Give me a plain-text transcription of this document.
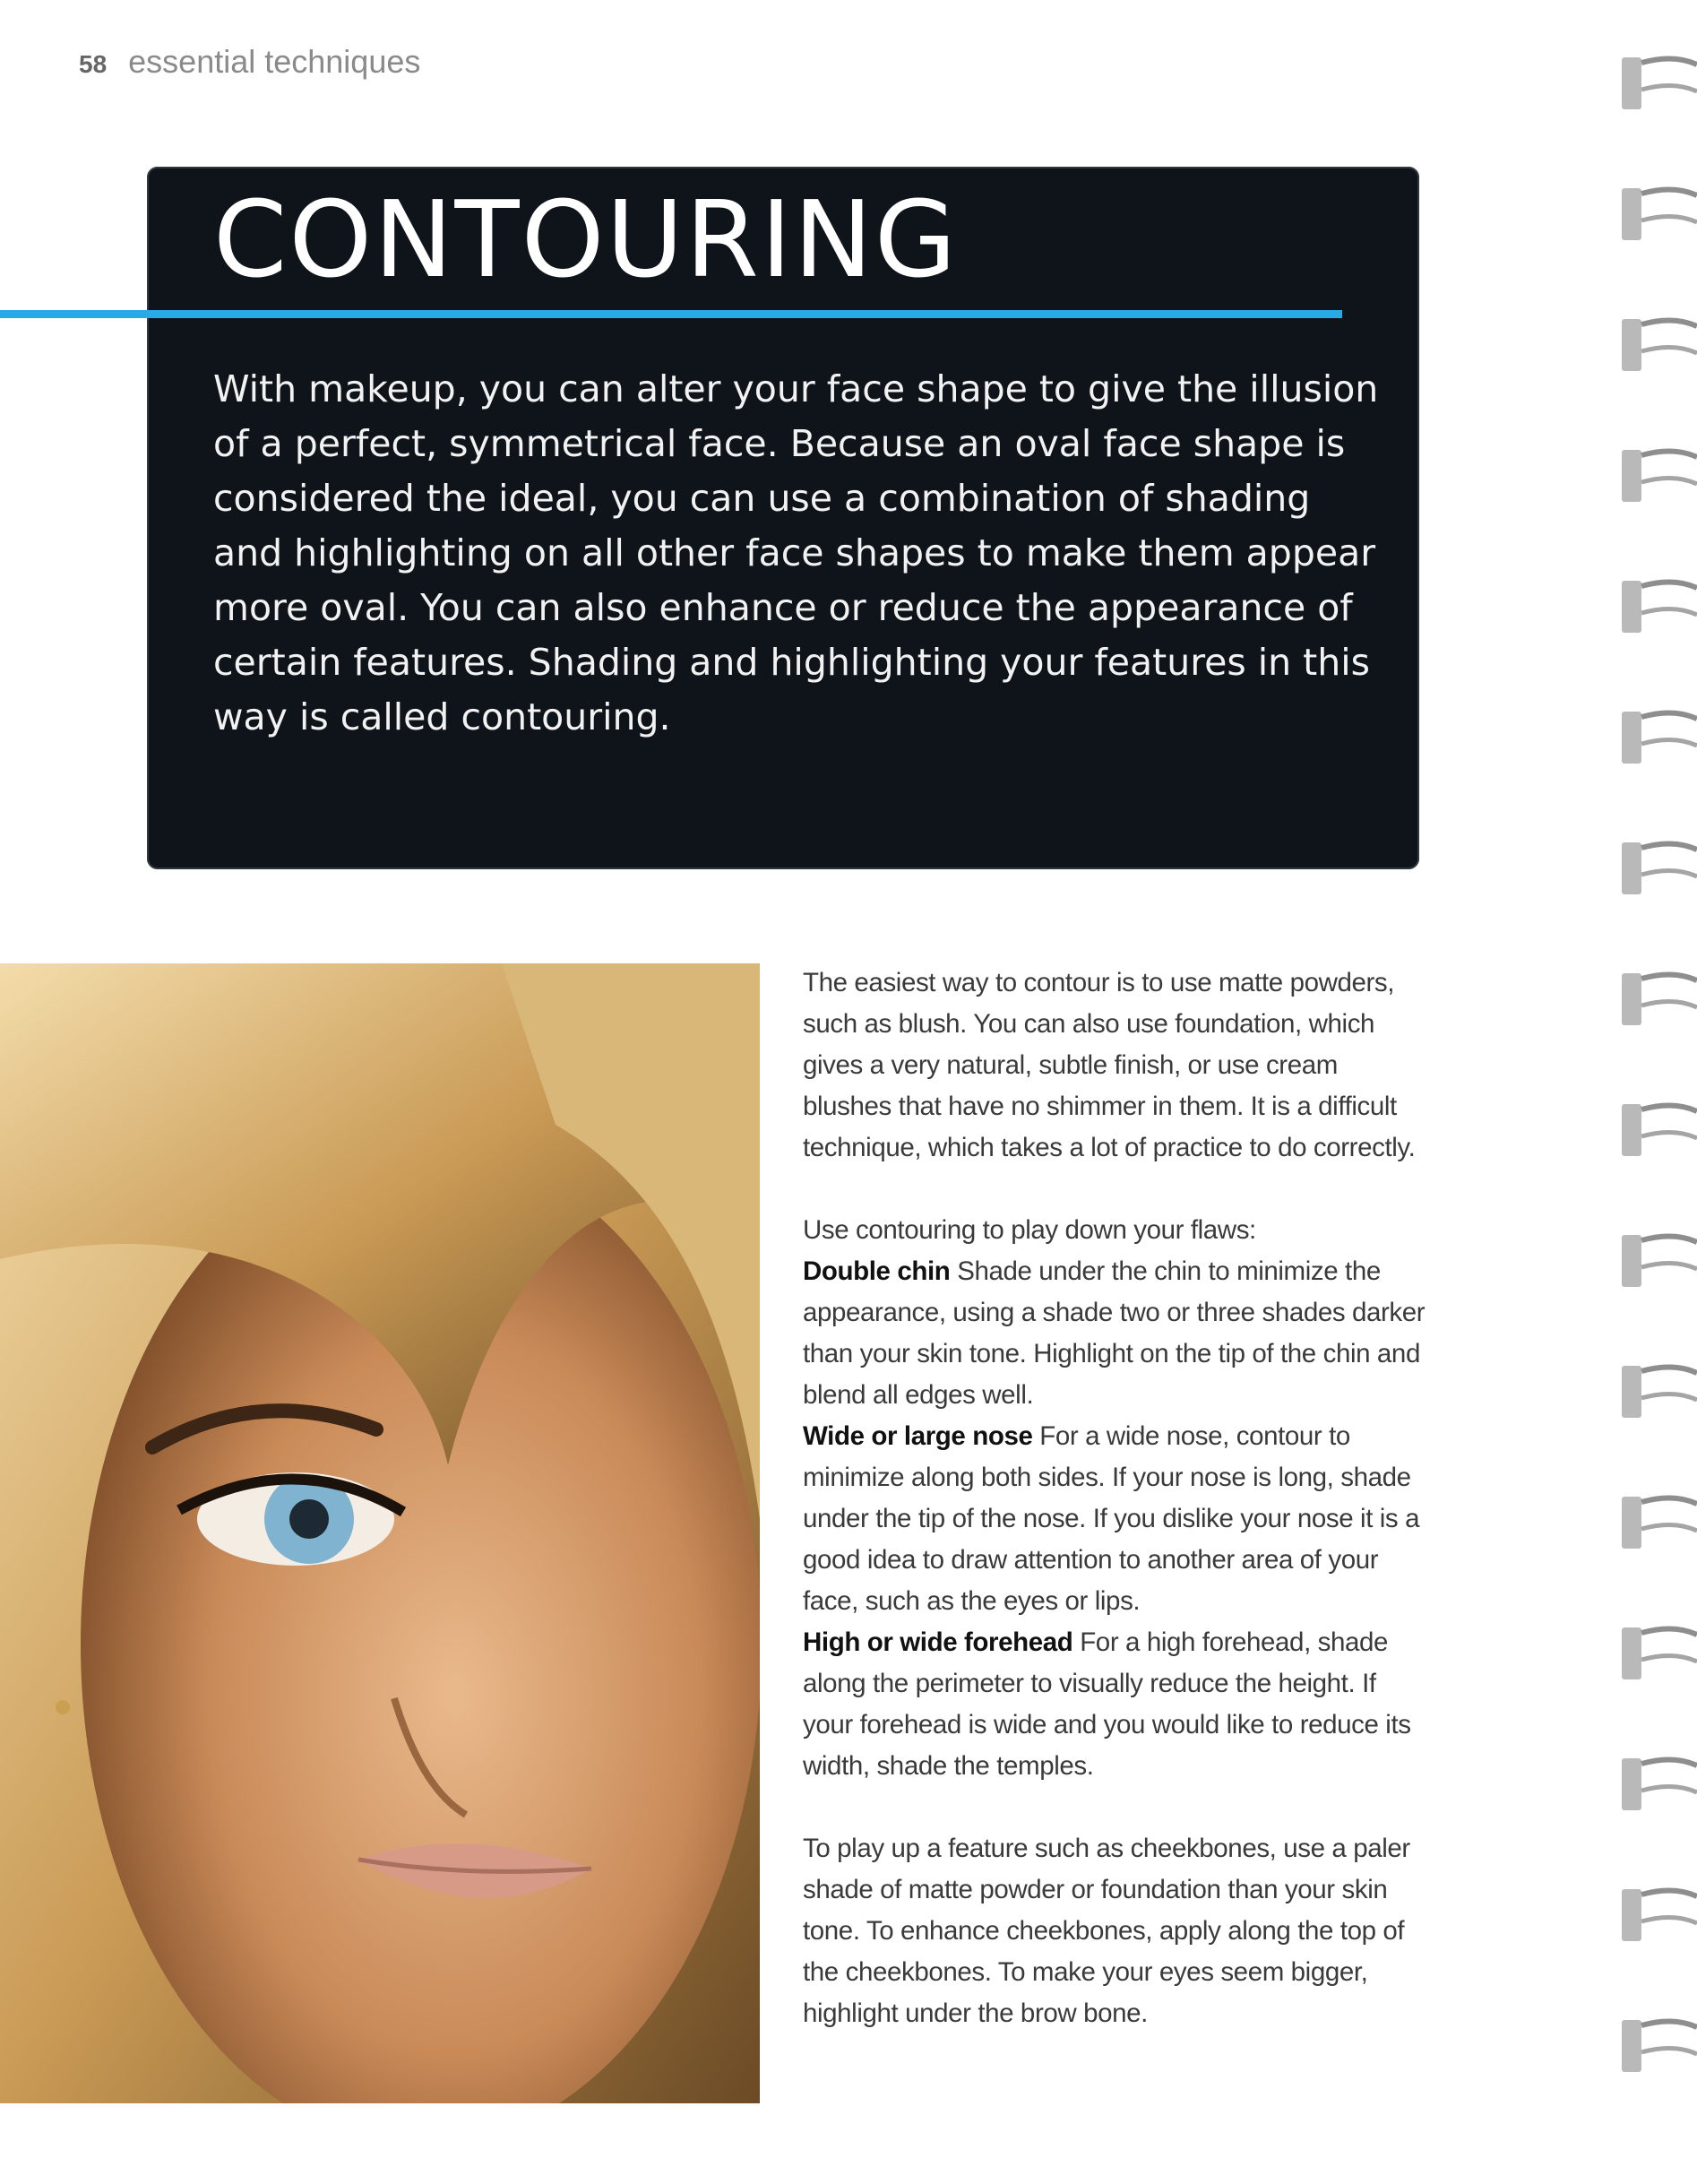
58 essential techniques
CONTOURING
With makeup, you can alter your face shape to give the illusion of a perfect, symmetrical face. Because an oval face shape is considered the ideal, you can use a combination of shading and highlighting on all other face shapes to make them appear more oval. You can also enhance or reduce the appearance of certain features. Shading and highlighting your features in this way is called contouring.

The easiest way to contour is to use matte powders, such as blush. You can also use foundation, which gives a very natural, subtle finish, or use cream blushes that have no shimmer in them. It is a difficult technique, which takes a lot of practice to do correctly.

Use contouring to play down your flaws:

Double chin Shade under the chin to minimize the appearance, using a shade two or three shades darker than your skin tone. Highlight on the tip of the chin and blend all edges well.

Wide or large nose For a wide nose, contour to minimize along both sides. If your nose is long, shade under the tip of the nose. If you dislike your nose it is a good idea to draw attention to another area of your face, such as the eyes or lips.

High or wide forehead For a high forehead, shade along the perimeter to visually reduce the height. If your forehead is wide and you would like to reduce its width, shade the temples.

To play up a feature such as cheekbones, use a paler shade of matte powder or foundation than your skin tone. To enhance cheekbones, apply along the top of the cheekbones. To make your eyes seem bigger, highlight under the brow bone.
